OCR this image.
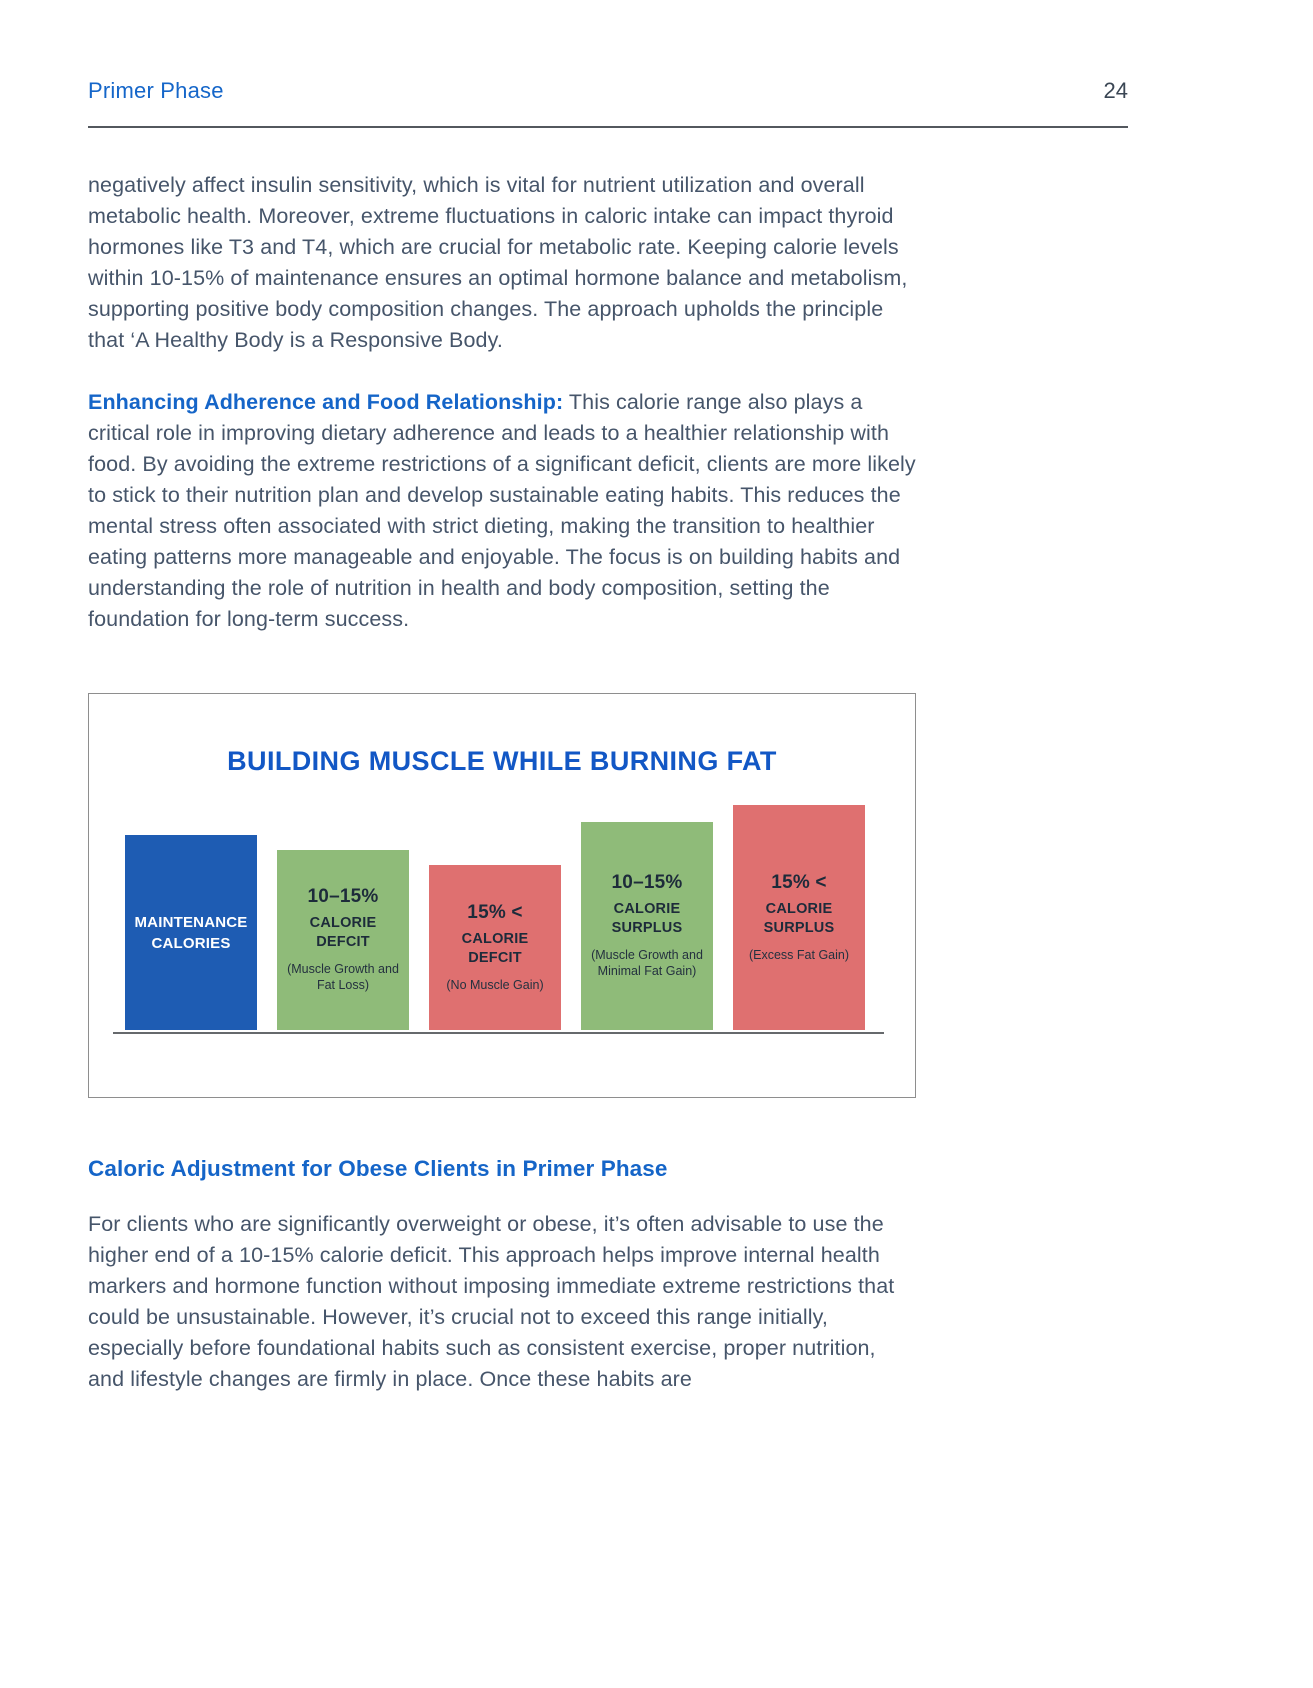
Primer Phase	24

negatively affect insulin sensitivity, which is vital for nutrient utilization and overall metabolic health. Moreover, extreme fluctuations in caloric intake can impact thyroid hormones like T3 and T4, which are crucial for metabolic rate. Keeping calorie levels within 10-15% of maintenance ensures an optimal hormone balance and metabolism, supporting positive body composition changes. The approach upholds the principle that ‘A Healthy Body is a Responsive Body.

Enhancing Adherence and Food Relationship: This calorie range also plays a critical role in improving dietary adherence and leads to a healthier relationship with food. By avoiding the extreme restrictions of a significant deficit, clients are more likely to stick to their nutrition plan and develop sustainable eating habits. This reduces the mental stress often associated with strict dieting, making the transition to healthier eating patterns more manageable and enjoyable. The focus is on building habits and understanding the role of nutrition in health and body composition, setting the foundation for long-term success.

BUILDING MUSCLE WHILE BURNING FAT
MAINTENANCE
CALORIES
10–15%
CALORIE DEFCIT
(Muscle Growth and Fat Loss)
15% <
CALORIE DEFCIT
(No Muscle Gain)
10–15%
CALORIE SURPLUS
(Muscle Growth and Minimal Fat Gain)
15% <
CALORIE SURPLUS
(Excess Fat Gain)
Caloric Adjustment for Obese Clients in Primer Phase

For clients who are significantly overweight or obese, it’s often advisable to use the higher end of a 10-15% calorie deficit. This approach helps improve internal health markers and hormone function without imposing immediate extreme restrictions that could be unsustainable. However, it’s crucial not to exceed this range initially, especially before foundational habits such as consistent exercise, proper nutrition, and lifestyle changes are firmly in place. Once these habits are
